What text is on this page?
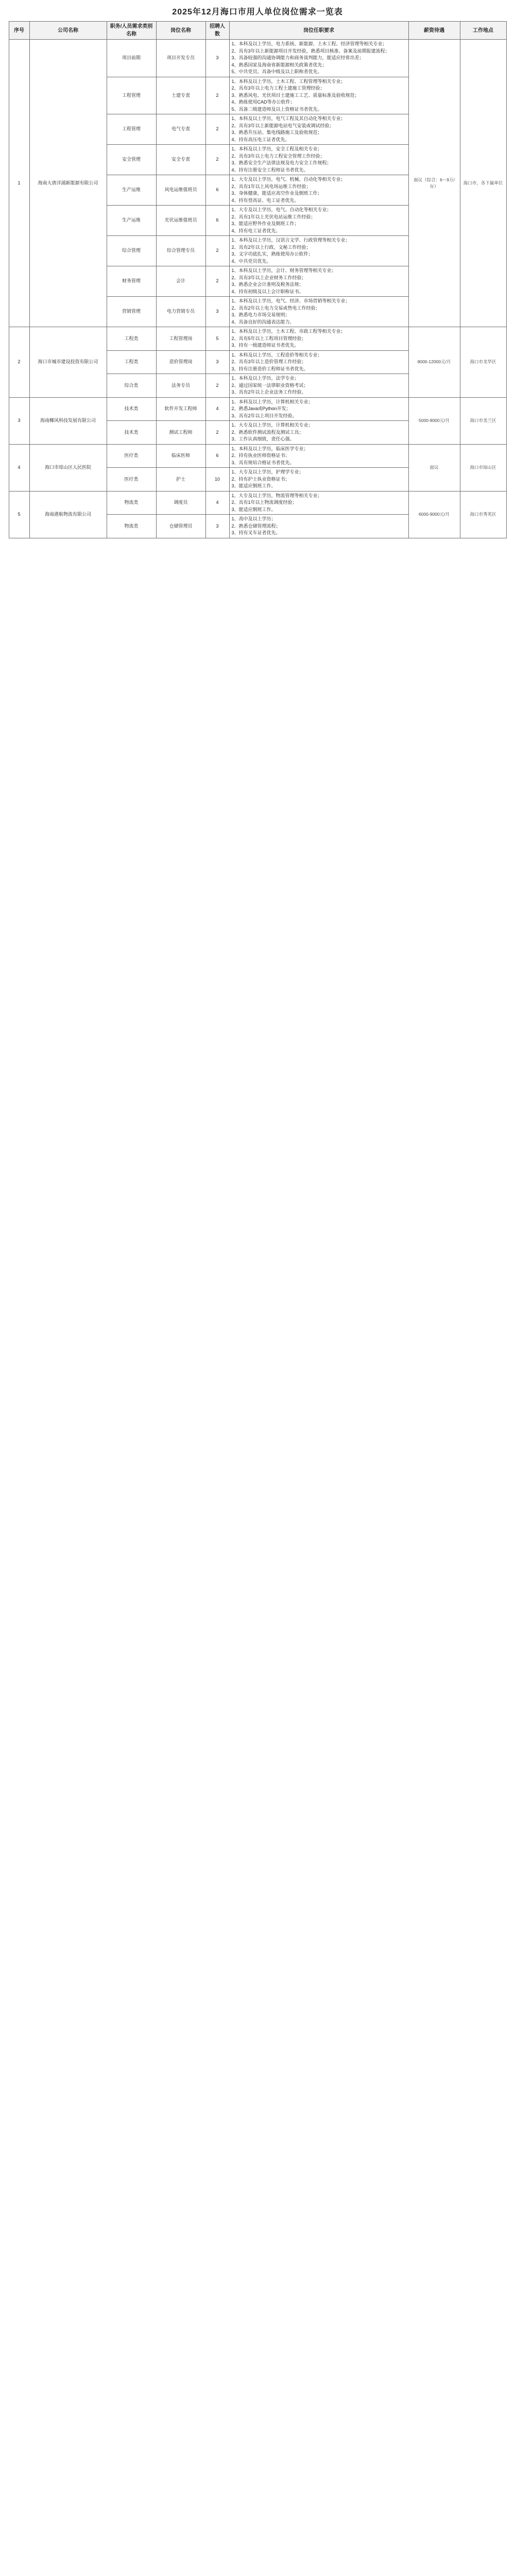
2025年12月海口市用人单位岗位需求一览表
序号	公司名称	职务/人员需求类别名称	岗位名称	招聘人数	岗位任职要求	薪资待遇	工作地点
1	海南大唐洋浦新能源有限公司	项目前期	项目开发专员	3	1、本科及以上学历，电力系统、新能源、土木工程、经济管理等相关专业；
2、具有3年以上新能源项目开发经验，熟悉项目核准、备案及前期报建流程；
3、具备较强的沟通协调能力和商务谈判能力，能适应经常出差；
4、熟悉国家及海南省新能源相关政策者优先；
5、中共党员、具备中级及以上职称者优先。	面议（综合：6～9万/年）	海口市，各下属单位
		工程管理	土建专责	2	1、本科及以上学历，土木工程、工程管理等相关专业；
2、具有3年以上电力工程土建施工管理经验；
3、熟悉风电、光伏项目土建施工工艺、质量标准及验收规范；
4、熟练使用CAD等办公软件；
5、具备二级建造师及以上资格证书者优先。		
		工程管理	电气专责	2	1、本科及以上学历，电气工程及其自动化等相关专业；
2、具有3年以上新能源电站电气安装或调试经验；
3、熟悉升压站、集电线路施工及验收规范；
4、持有高压电工证者优先。		
		安全管理	安全专责	2	1、本科及以上学历，安全工程及相关专业；
2、具有3年以上电力工程安全管理工作经验；
3、熟悉安全生产法律法规及电力安全工作规程；
4、持有注册安全工程师证书者优先。		
		生产运维	风电运维值班员	6	1、大专及以上学历，电气、机械、自动化等相关专业；
2、具有1年以上风电场运维工作经验；
3、身体健康，能适应高空作业及倒班工作；
4、持有登高证、电工证者优先。		
		生产运维	光伏运维值班员	6	1、大专及以上学历，电气、自动化等相关专业；
2、具有1年以上光伏电站运维工作经验；
3、能适应野外作业及倒班工作；
4、持有电工证者优先。		
		综合管理	综合管理专员	2	1、本科及以上学历，汉语言文学、行政管理等相关专业；
2、具有2年以上行政、文秘工作经验；
3、文字功底扎实，熟练使用办公软件；
4、中共党员优先。		
		财务管理	会计	2	1、本科及以上学历，会计、财务管理等相关专业；
2、具有3年以上企业财务工作经验；
3、熟悉企业会计准则及税务法规；
4、持有初级及以上会计职称证书。		
		营销管理	电力营销专员	3	1、本科及以上学历，电气、经济、市场营销等相关专业；
2、具有2年以上电力交易或售电工作经验；
3、熟悉电力市场交易规则；
4、具备良好的沟通表达能力。		
2	海口市城市建设投资有限公司	工程类	工程管理岗	5	1、本科及以上学历，土木工程、市政工程等相关专业；
2、具有5年以上工程项目管理经验；
3、持有一级建造师证书者优先。	8000-12000元/月	海口市龙华区
		工程类	造价管理岗	3	1、本科及以上学历，工程造价等相关专业；
2、具有3年以上造价管理工作经验；
3、持有注册造价工程师证书者优先。		
		综合类	法务专员	2	1、本科及以上学历，法学专业；
2、通过国家统一法律职业资格考试；
3、具有2年以上企业法务工作经验。		
3	海南椰风科技发展有限公司	技术类	软件开发工程师	4	1、本科及以上学历，计算机相关专业；
2、熟悉Java或Python开发；
3、具有2年以上项目开发经验。	5000-8000元/月	海口市美兰区
		技术类	测试工程师	2	1、大专及以上学历，计算机相关专业；
2、熟悉软件测试流程及测试工具；
3、工作认真细致，责任心强。		
4	海口市琼山区人民医院	医疗类	临床医师	6	1、本科及以上学历，临床医学专业；
2、持有执业医师资格证书；
3、具有规培合格证书者优先。	面议	海口市琼山区
		医疗类	护士	10	1、大专及以上学历，护理学专业；
2、持有护士执业资格证书；
3、能适应倒班工作。		
5	海南港航物流有限公司	物流类	调度员	4	1、大专及以上学历，物流管理等相关专业；
2、具有1年以上物流调度经验；
3、能适应倒班工作。	6000-9000元/月	海口市秀英区
		物流类	仓储管理员	3	1、高中及以上学历；
2、熟悉仓储管理流程；
3、持有叉车证者优先。		
